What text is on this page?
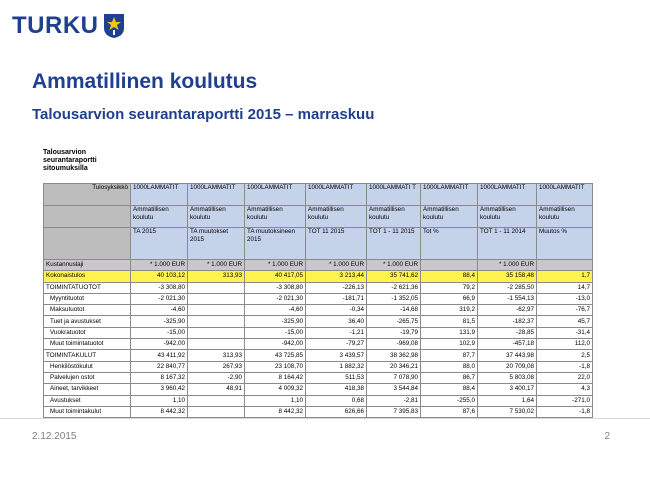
TURKU
Ammatillinen koulutus
Talousarvion seurantaraportti 2015 – marraskuu
Talousarvion seurantaraportti sitoumuksilla
Tulosyksikkö	1000LAMMATIT	1000LAMMATIT	1000LAMMATIT	1000LAMMATIT	1000LAMMATI T	1000LAMMATIT	1000LAMMATIT	1000LAMMATIT
	Ammatillisen koulutu	Ammatillisen koulutu	Ammatillisen koulutu	Ammatillisen koulutu	Ammatillisen koulutu	Ammatillisen koulutu	Ammatillisen koulutu	Ammatillisen koulutu
	TA 2015	TA muutokset 2015	TA muutoksineen 2015	TOT 11 2015	TOT 1 - 11 2015	Tot %	TOT 1 - 11 2014	Muutos %
Kustannuslaji	* 1.000 EUR	* 1.000 EUR	* 1.000 EUR	* 1.000 EUR	* 1.000 EUR		* 1.000 EUR	
Kokonaistulos	40 103,12	313,93	40 417,05	3 213,44	35 741,62	88,4	35 158,48	1,7
TOIMINTATUOTOT	-3 308,80		-3 308,80	-226,13	-2 621,36	79,2	-2 285,50	14,7
Myyntituotot	-2 021,30		-2 021,30	-181,71	-1 352,05	66,9	-1 554,13	-13,0
Maksutuotot	-4,60		-4,60	-0,34	-14,68	319,2	-62,97	-76,7
Tuet ja avustukset	-325,90		-325,90	36,40	-265,75	81,5	-182,37	45,7
Vuokratuotot	-15,00		-15,00	-1,21	-19,79	131,9	-28,85	-31,4
Muut toimintatuotot	-942,00		-942,00	-79,27	-969,08	102,9	-457,18	112,0
TOIMINTAKULUT	43 411,92	313,93	43 725,85	3 439,57	38 362,98	87,7	37 443,98	2,5
Henkilöstökulut	22 840,77	267,93	23 108,70	1 882,32	20 346,21	88,0	20 709,08	-1,8
Palvelujen ostot	8 167,32	-2,90	8 164,42	511,53	7 078,90	86,7	5 803,08	22,0
Aineet, tarvikkeet	3 960,42	48,91	4 009,32	418,38	3 544,84	88,4	3 400,17	4,3
Avustukset	1,10		1,10	0,68	-2,81	-255,0	1,64	-271,0
Muut toimintakulut	8 442,32		8 442,32	626,66	7 395,83	87,6	7 530,02	-1,8
2.12.2015	2
